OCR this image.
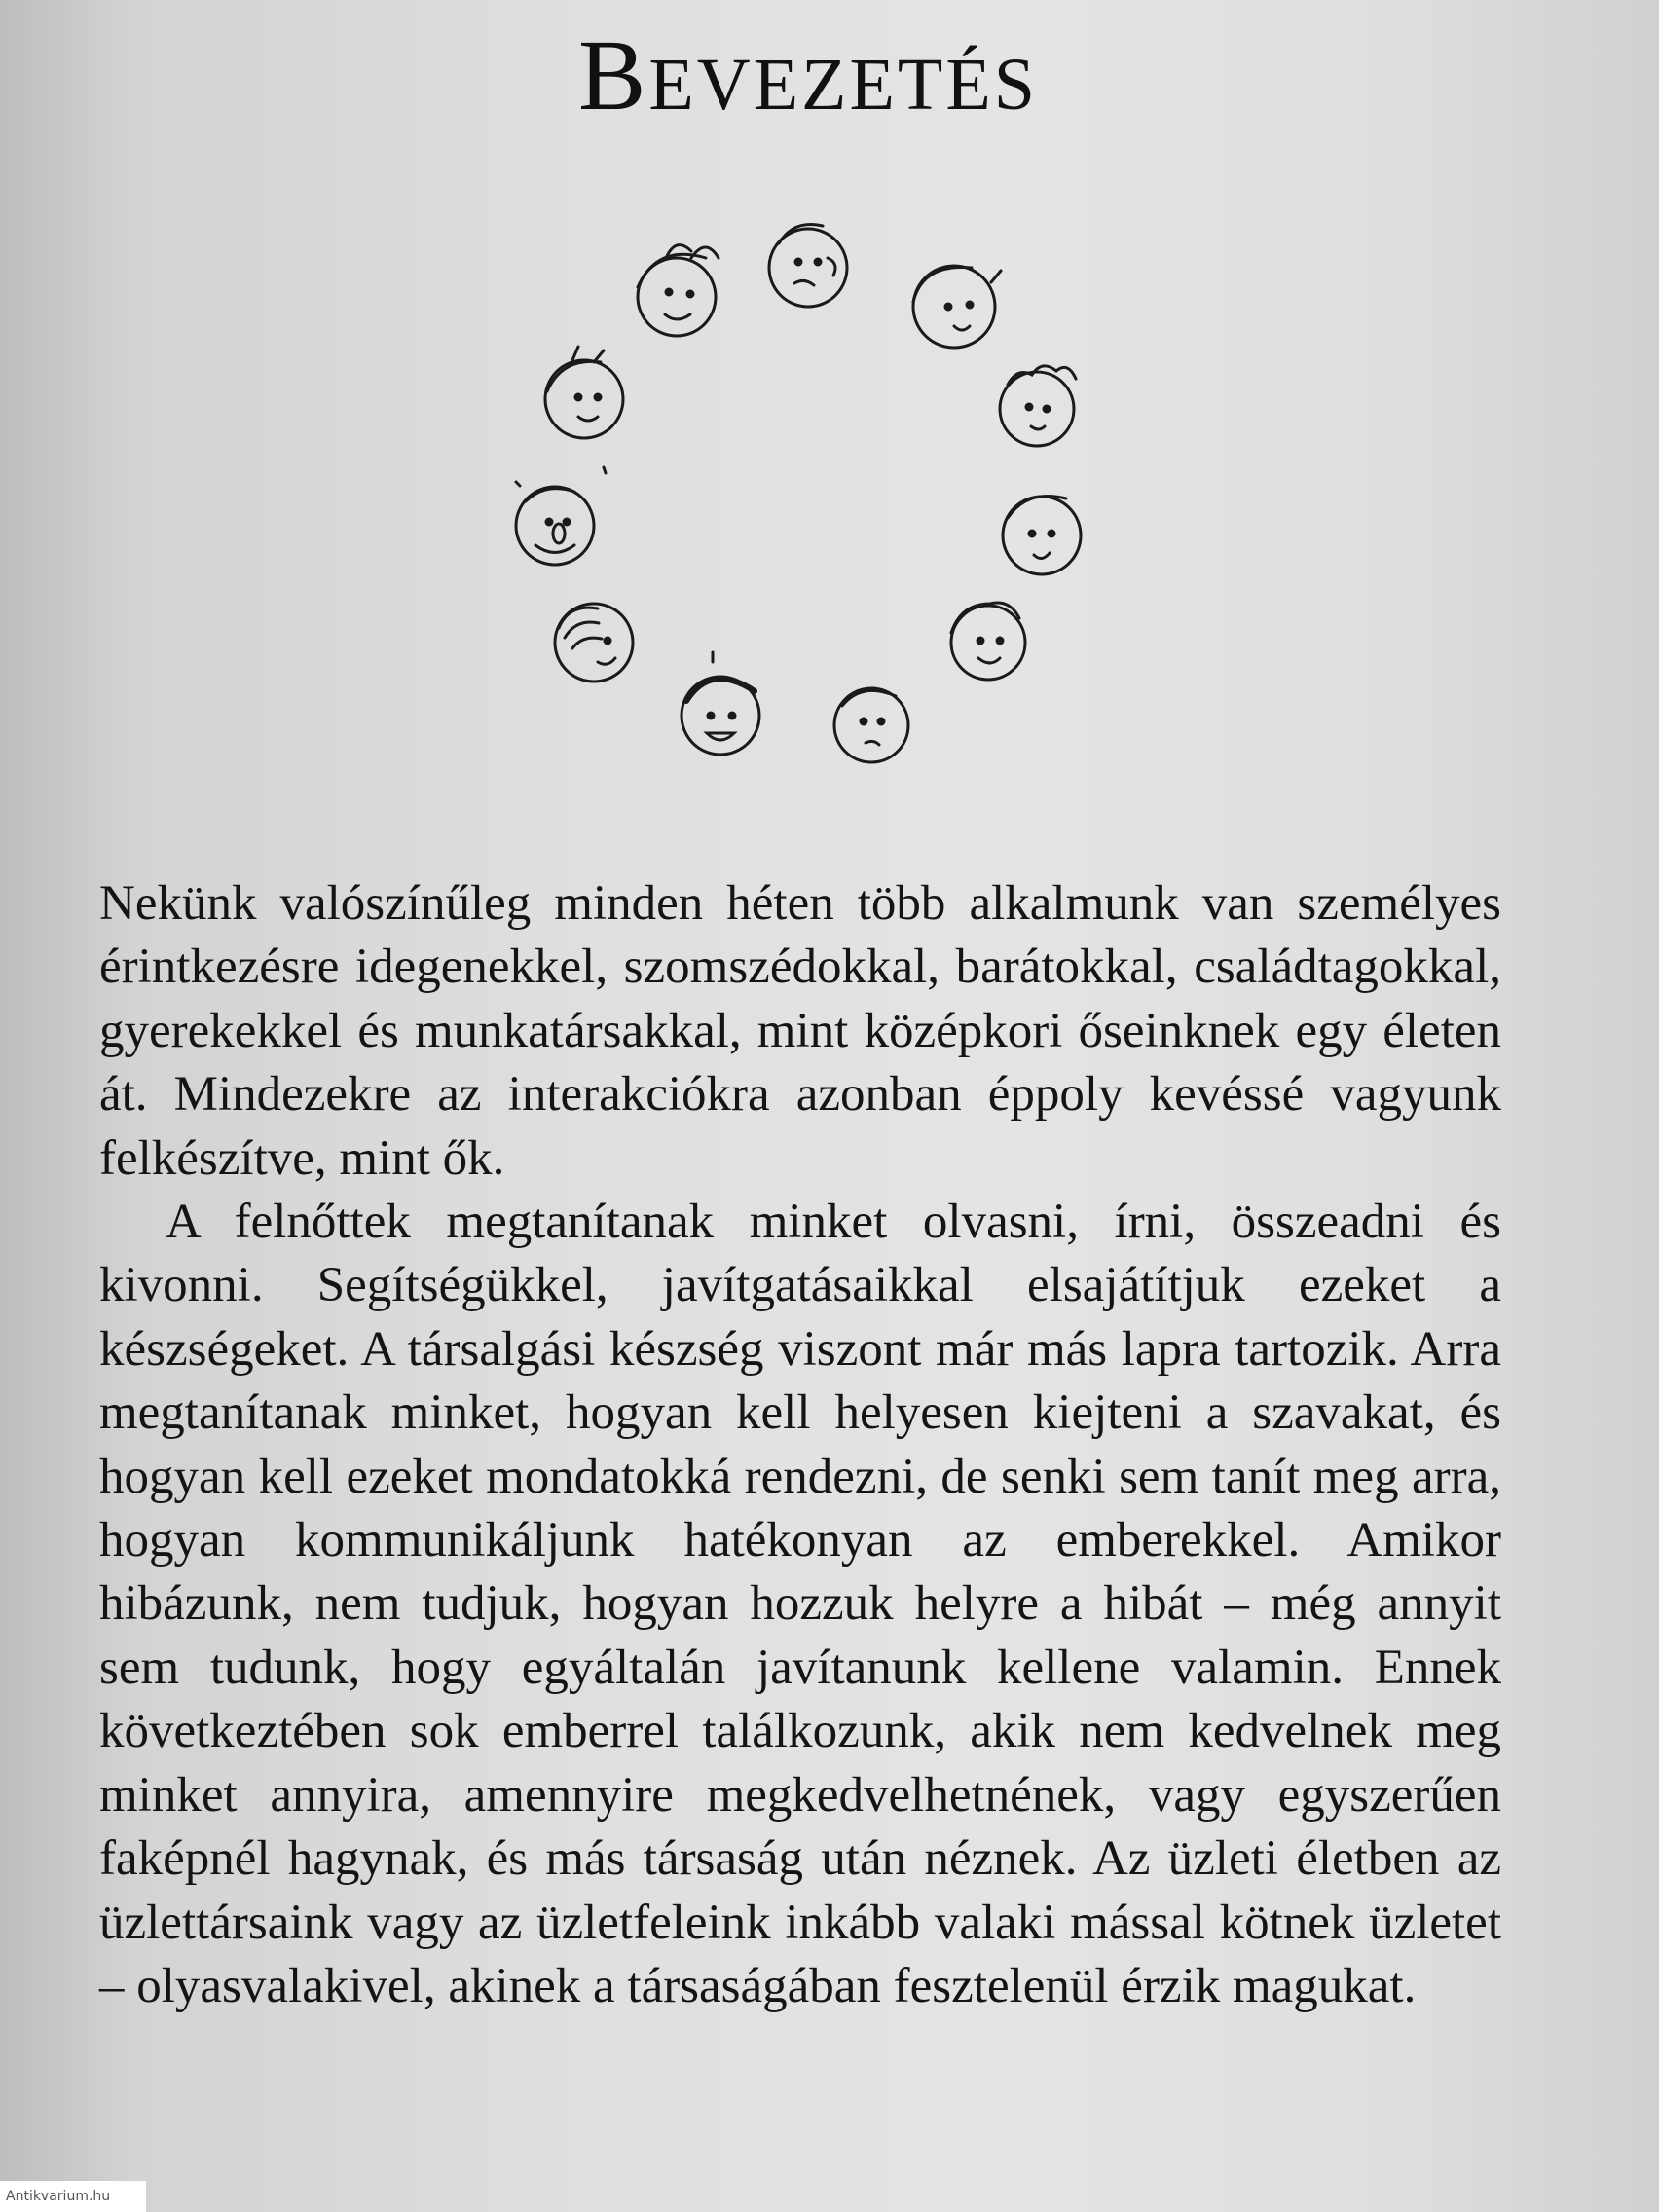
BEVEZETÉS

Nekünk valószínűleg minden héten több alkalmunk van személyes érintkezésre idegenekkel, szomszédokkal, barátokkal, családtagokkal, gyerekekkel és munkatársakkal, mint középkori őseinknek egy életen át. Mindezekre az interakciókra azonban éppoly kevéssé vagyunk felkészítve, mint ők.

A felnőttek megtanítanak minket olvasni, írni, összeadni és kivonni. Segítségükkel, javítgatásaikkal elsajátítjuk ezeket a készségeket. A társalgási készség viszont már más lapra tartozik. Arra megtanítanak minket, hogyan kell helyesen kiejteni a szavakat, és hogyan kell ezeket mondatokká rendezni, de senki sem tanít meg arra, hogyan kommunikáljunk hatékonyan az emberekkel. Amikor hibázunk, nem tudjuk, hogyan hozzuk helyre a hibát – még annyit sem tudunk, hogy egyáltalán javítanunk kellene valamin. Ennek következtében sok emberrel találkozunk, akik nem kedvelnek meg minket annyira, amennyire megkedvelhetnének, vagy egyszerűen faképnél hagynak, és más társaság után néznek. Az üzleti életben az üzlettársaink vagy az üzletfeleink inkább valaki mással kötnek üzletet – olyasvalakivel, akinek a társaságában fesztelenül érzik magukat.

Antikvarium.hu
